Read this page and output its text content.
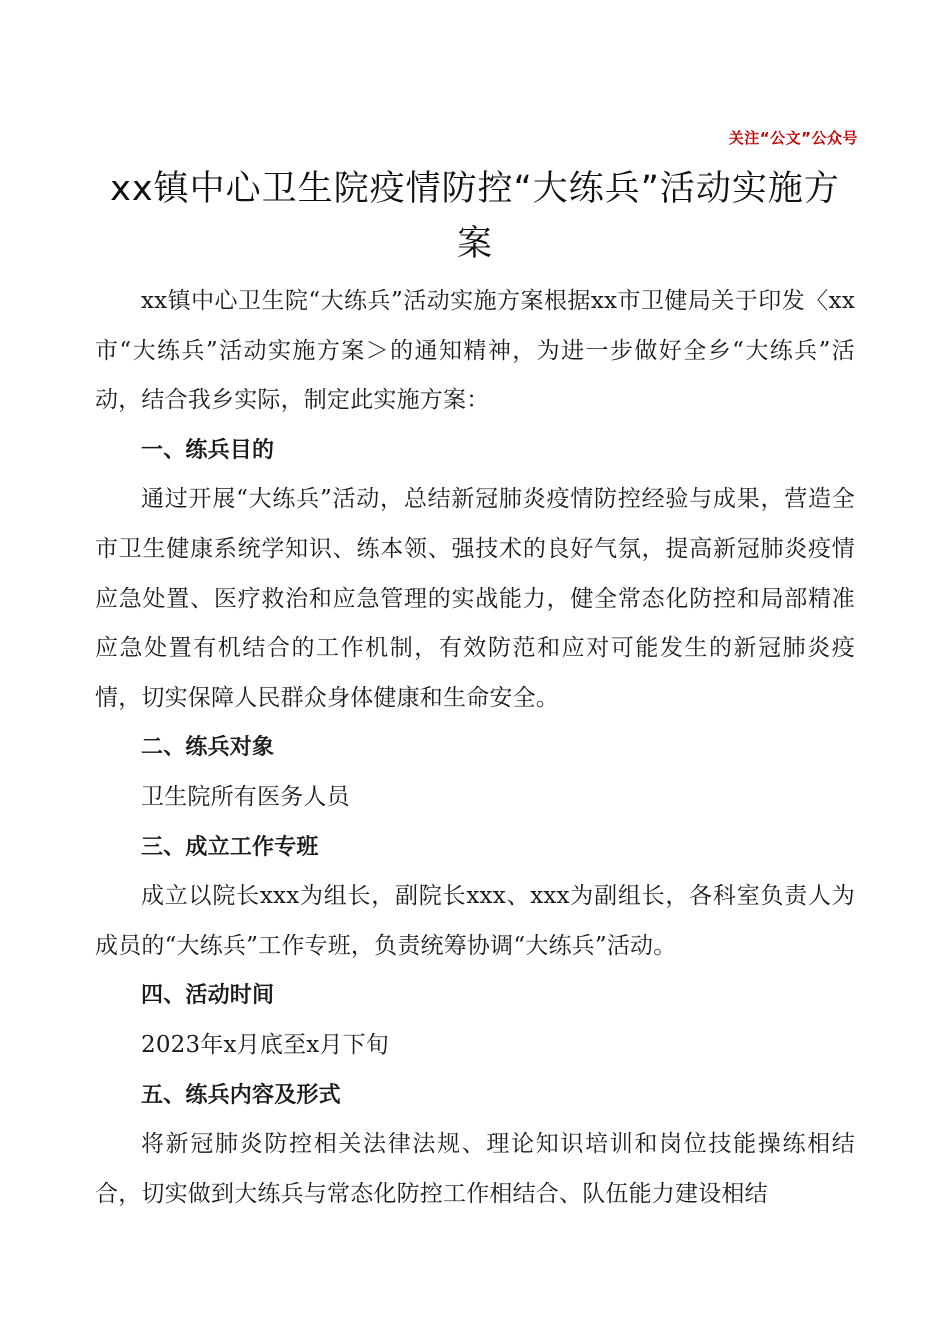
关注“公文”公众号
xx镇中心卫生院疫情防控“大练兵”活动实施方案

xx镇中心卫生院“大练兵”活动实施方案根据xx市卫健局关于印发〈xx市“大练兵”活动实施方案＞的通知精神，为进一步做好全乡“大练兵”活动，结合我乡实际，制定此实施方案：

一、练兵目的

通过开展“大练兵”活动，总结新冠肺炎疫情防控经验与成果，营造全市卫生健康系统学知识、练本领、强技术的良好气氛，提高新冠肺炎疫情应急处置、医疗救治和应急管理的实战能力，健全常态化防控和局部精准应急处置有机结合的工作机制，有效防范和应对可能发生的新冠肺炎疫情，切实保障人民群众身体健康和生命安全。

二、练兵对象

卫生院所有医务人员

三、成立工作专班

成立以院长xxx为组长，副院长xxx、xxx为副组长，各科室负责人为成员的“大练兵”工作专班，负责统筹协调“大练兵”活动。

四、活动时间

2023年x月底至x月下旬

五、练兵内容及形式

将新冠肺炎防控相关法律法规、理论知识培训和岗位技能操练相结合，切实做到大练兵与常态化防控工作相结合、队伍能力建设相结
